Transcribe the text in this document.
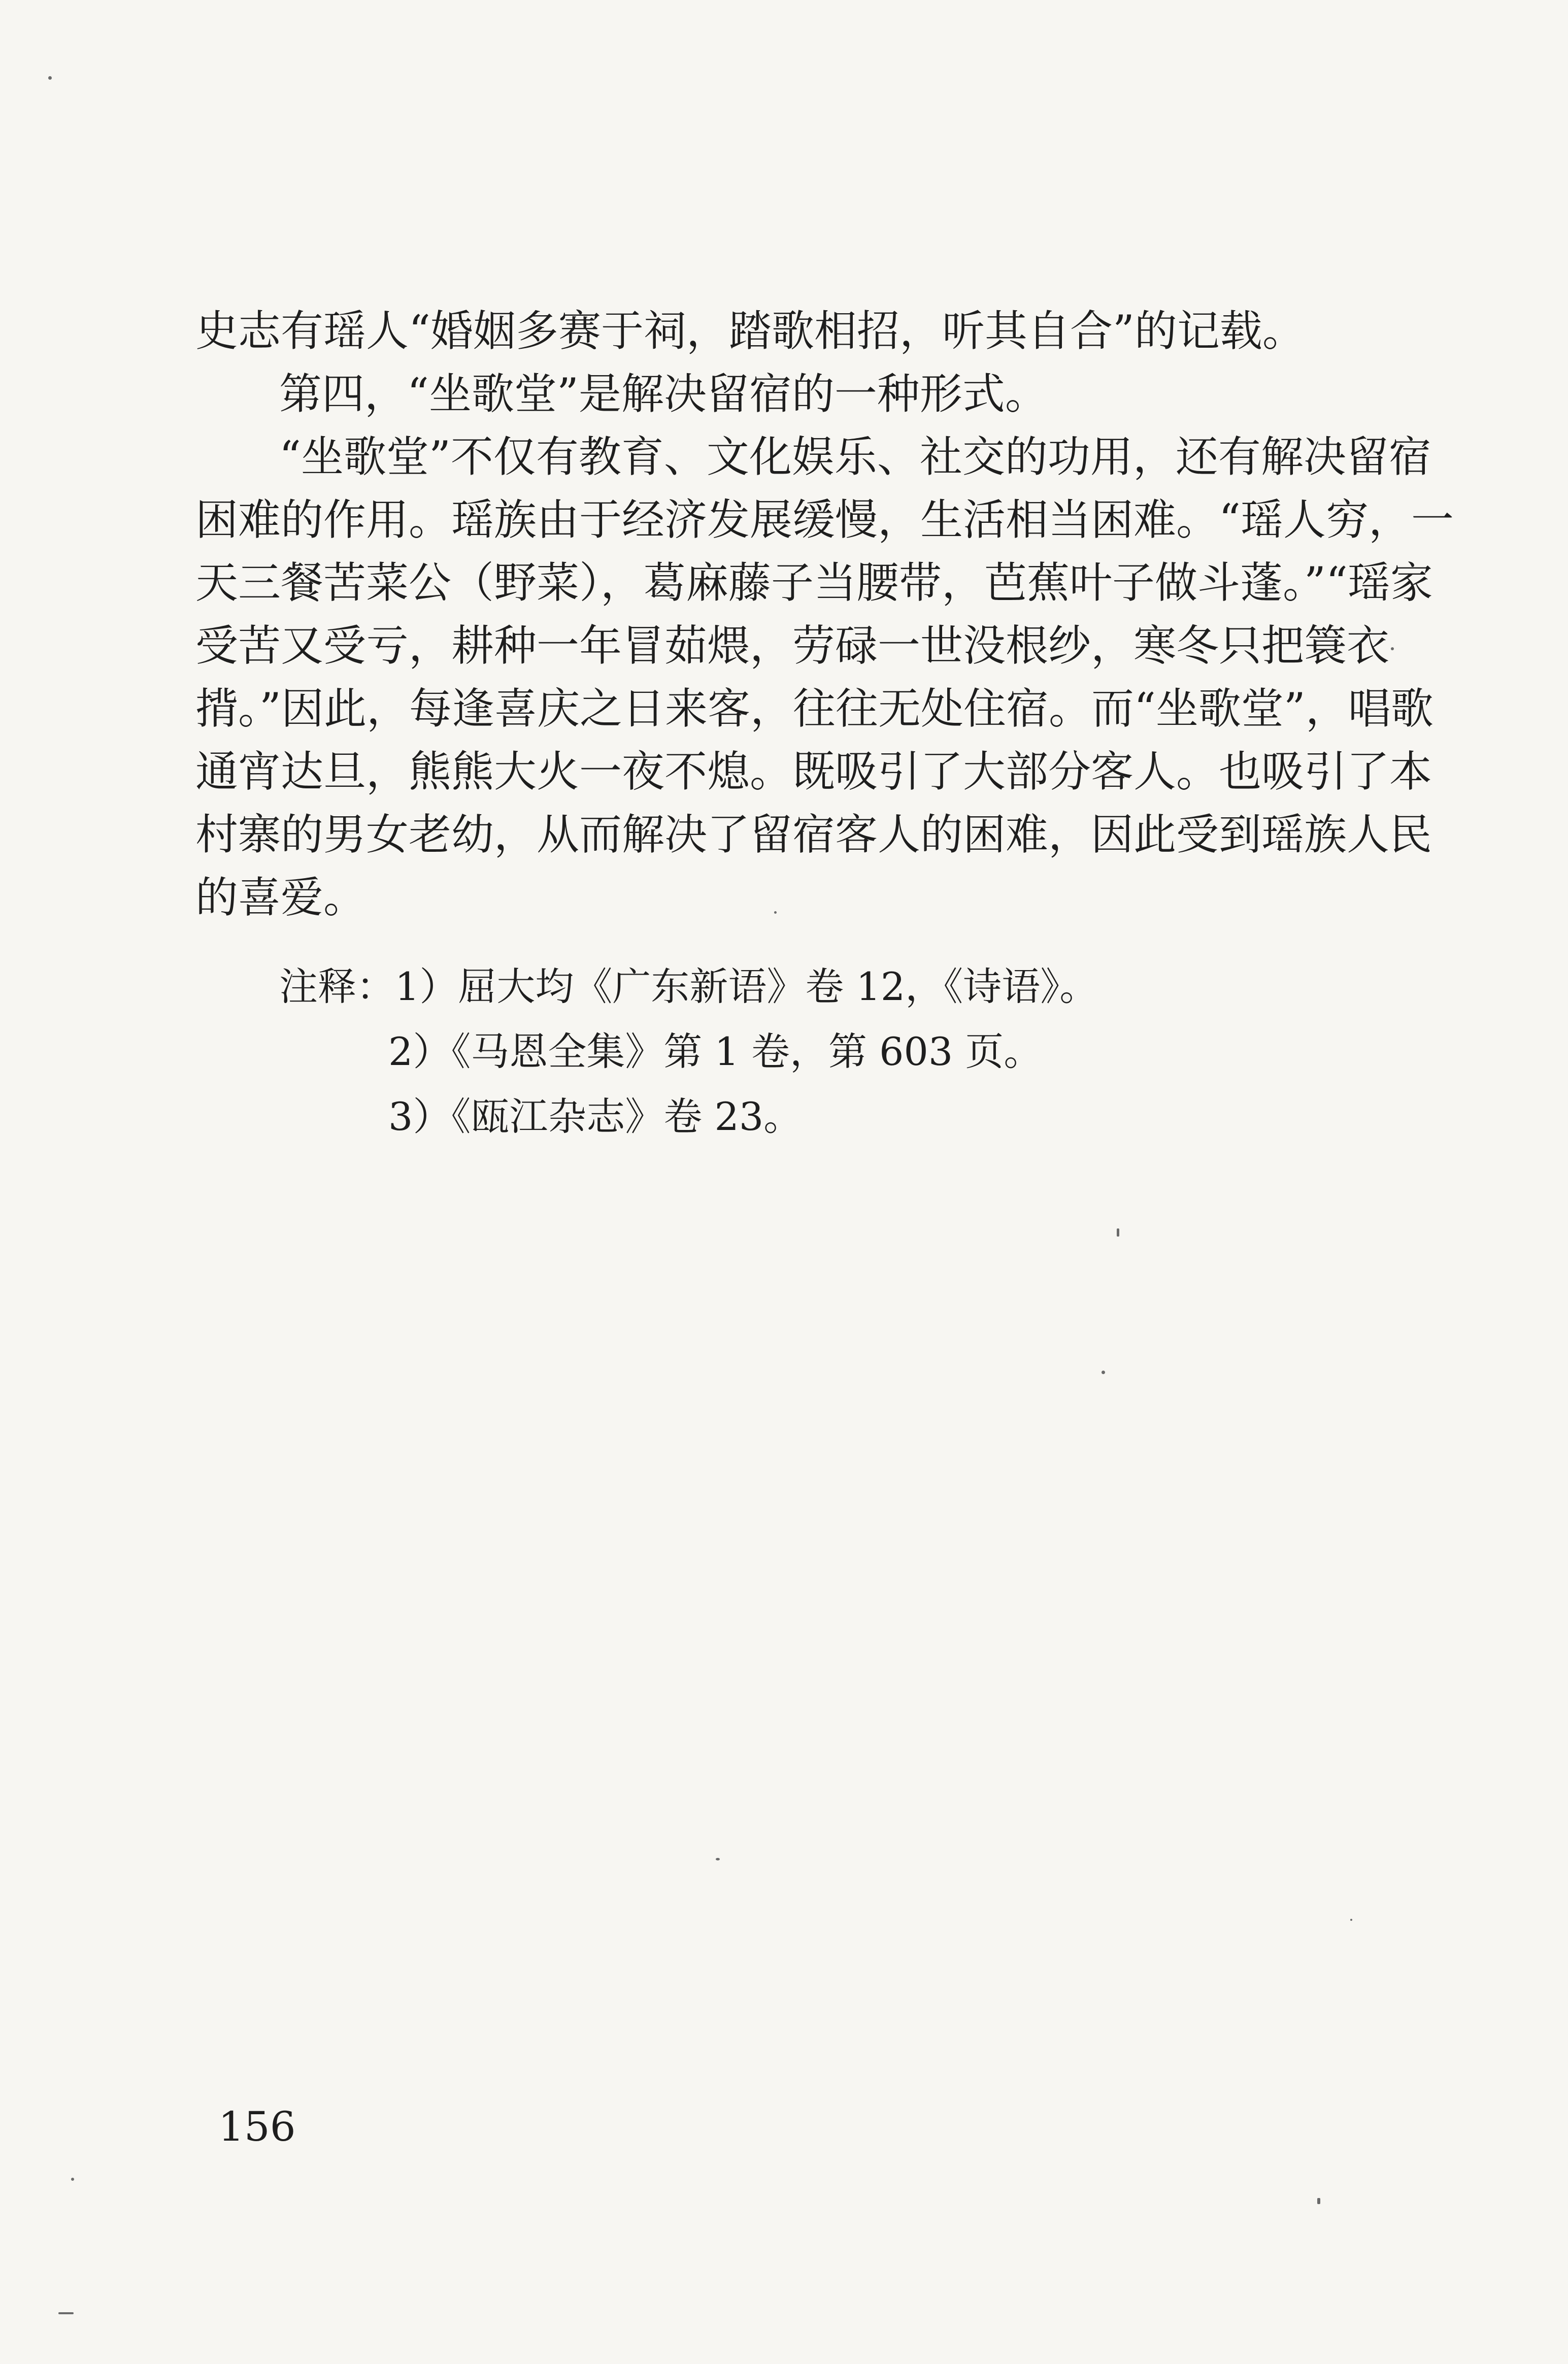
史志有瑶人“婚姻多赛于祠，踏歌相招，听其自合”的记载。
第四，“坐歌堂”是解决留宿的一种形式。
“坐歌堂”不仅有教育、文化娱乐、社交的功用，还有解决留宿
困难的作用。瑶族由于经济发展缓慢，生活相当困难。“瑶人穷，一
天三餐苦菜公（野菜），葛麻藤子当腰带，芭蕉叶子做斗蓬。”“瑶家
受苦又受亏，耕种一年冒茹煨，劳碌一世没根纱，寒冬只把簑衣
揹。”因此，每逢喜庆之日来客，往往无处住宿。而“坐歌堂”，唱歌
通宵达旦，熊熊大火一夜不熄。既吸引了大部分客人。也吸引了本
村寨的男女老幼，从而解决了留宿客人的困难，因此受到瑶族人民
的喜爱。
注释：1）屈大均《广东新语》卷 12，《诗语》。
2）《马恩全集》第 1 卷，第 603 页。
3）《瓯江杂志》卷 23。
156
